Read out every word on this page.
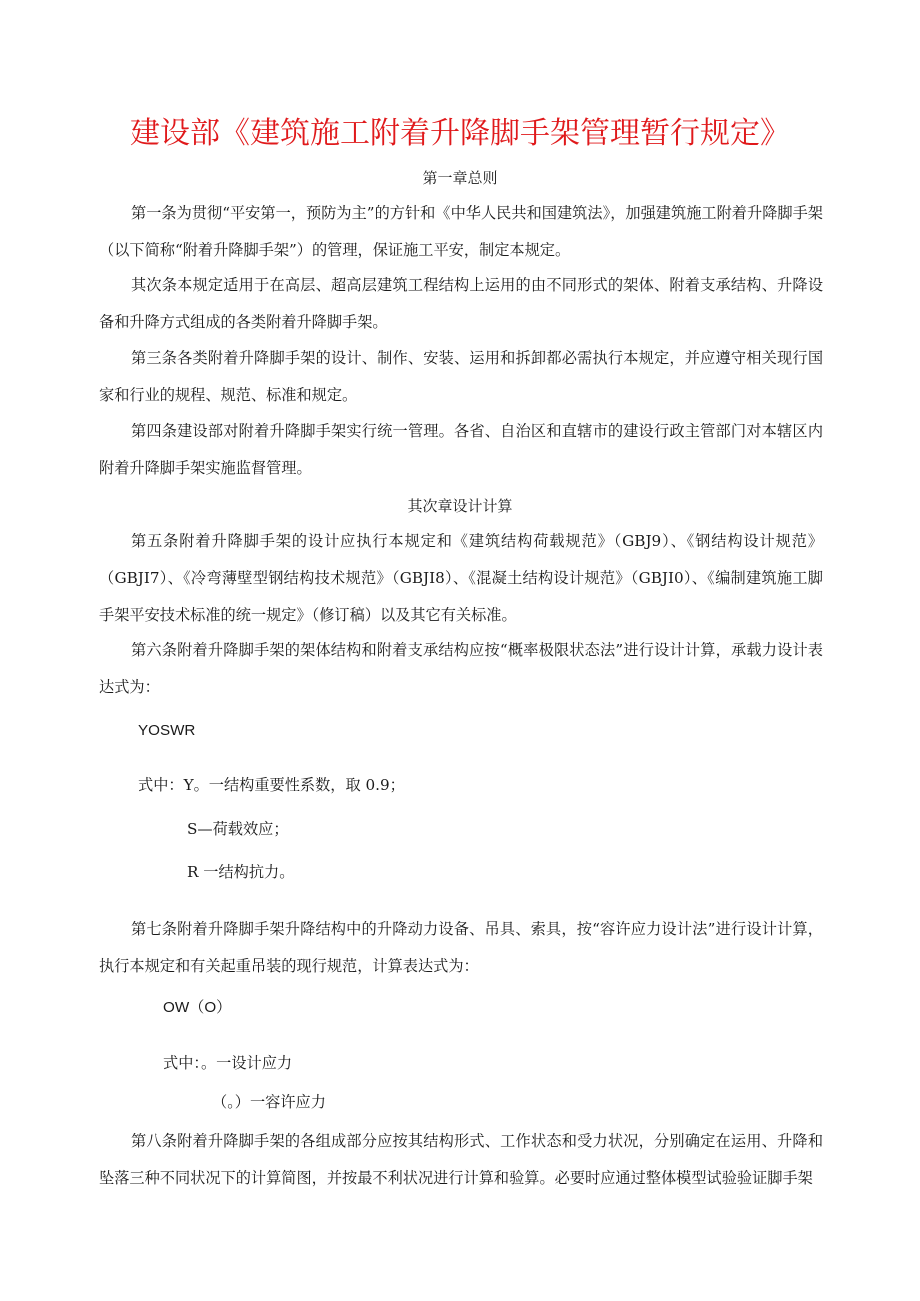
建设部《建筑施工附着升降脚手架管理暂行规定》
第一章总则
第一条为贯彻“平安第一，预防为主”的方针和《中华人民共和国建筑法》，加强建筑施工附着升降脚手架（以下简称“附着升降脚手架”）的管理，保证施工平安，制定本规定。
其次条本规定适用于在高层、超高层建筑工程结构上运用的由不同形式的架体、附着支承结构、升降设备和升降方式组成的各类附着升降脚手架。
第三条各类附着升降脚手架的设计、制作、安装、运用和拆卸都必需执行本规定，并应遵守相关现行国家和行业的规程、规范、标准和规定。
第四条建设部对附着升降脚手架实行统一管理。各省、自治区和直辖市的建设行政主管部门对本辖区内附着升降脚手架实施监督管理。
其次章设计计算
第五条附着升降脚手架的设计应执行本规定和《建筑结构荷载规范》（GBJ9）、《钢结构设计规范》（GBJI7）、《冷弯薄壁型钢结构技术规范》（GBJI8）、《混凝土结构设计规范》（GBJI0）、《编制建筑施工脚手架平安技术标准的统一规定》（修订稿）以及其它有关标准。
第六条附着升降脚手架的架体结构和附着支承结构应按“概率极限状态法”进行设计计算，承载力设计表达式为：
YOSWR
式中：Y。一结构重要性系数，取 0.9；
S—荷载效应；
R 一结构抗力。
第七条附着升降脚手架升降结构中的升降动力设备、吊具、索具，按“容许应力设计法”进行设计计算，执行本规定和有关起重吊装的现行规范，计算表达式为：
OW（O）
式中：。一设计应力
（。）一容许应力
第八条附着升降脚手架的各组成部分应按其结构形式、工作状态和受力状况，分别确定在运用、升降和坠落三种不同状况下的计算简图，并按最不利状况进行计算和验算。必要时应通过整体模型试验验证脚手架
